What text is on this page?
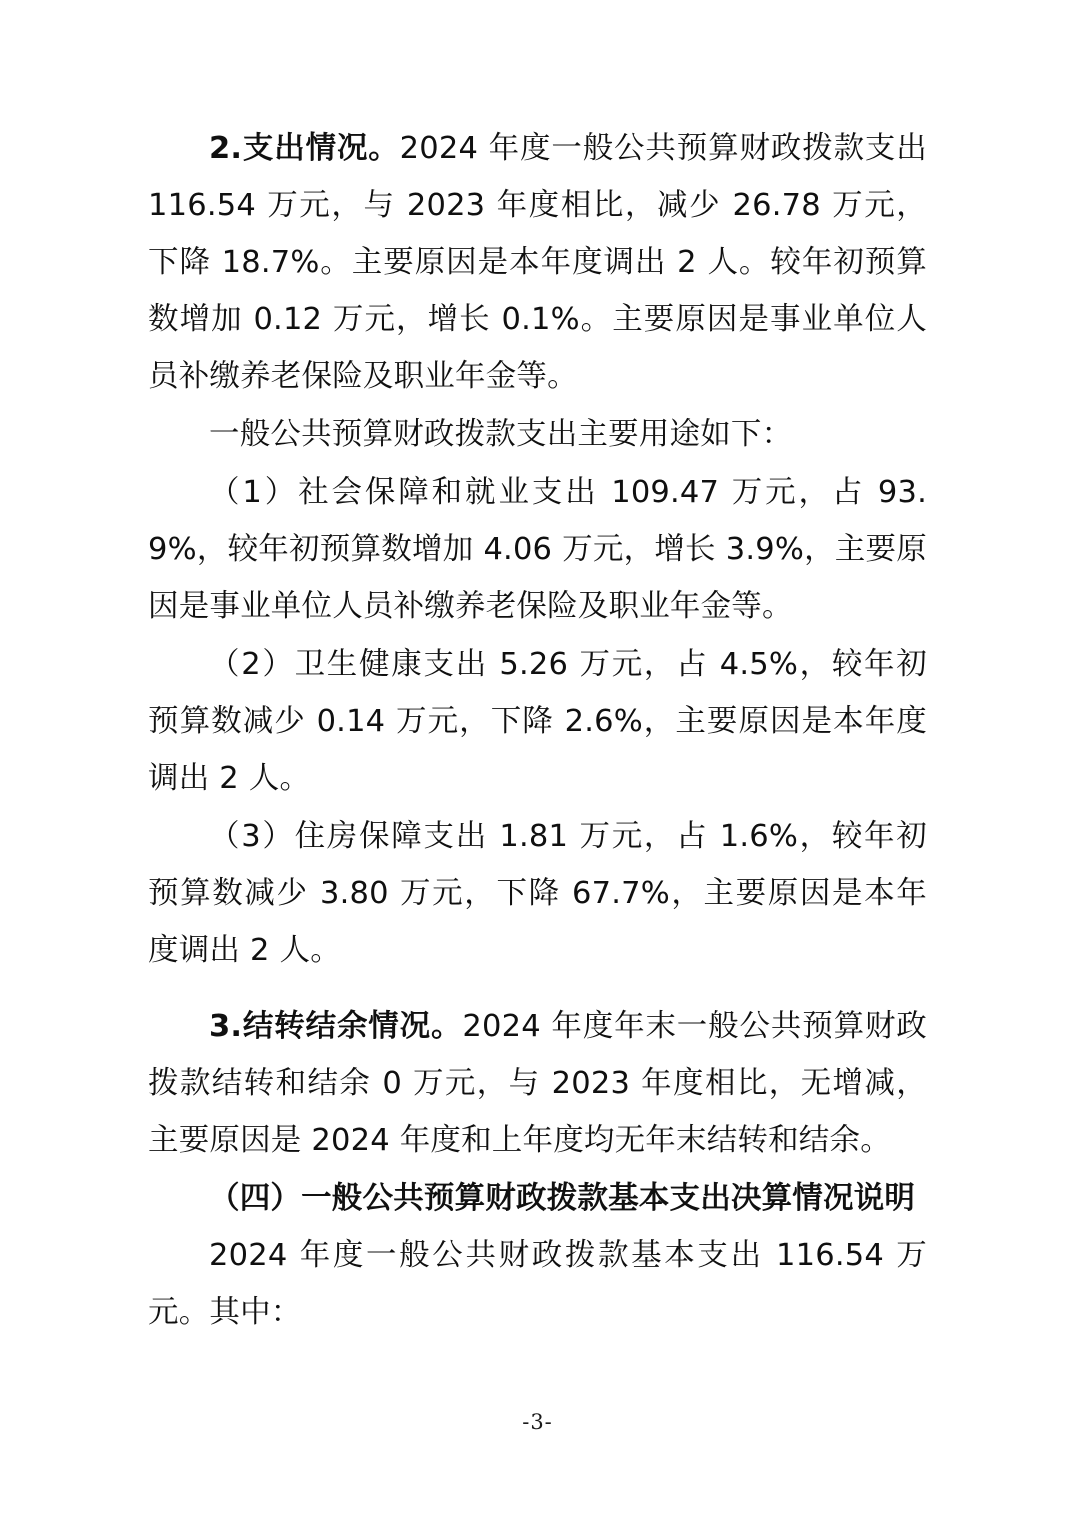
2.支出情况。2024 年度一般公共预算财政拨款支出 116.54 万元，与 2023 年度相比，减少 26.78 万元，下降 18.7%。主要原因是本年度调出 2 人。较年初预算数增加 0.12 万元，增长 0.1%。主要原因是事业单位人员补缴养老保险及职业年金等。

一般公共预算财政拨款支出主要用途如下：

（1）社会保障和就业支出 109.47 万元，占 93.9%，较年初预算数增加 4.06 万元，增长 3.9%，主要原因是事业单位人员补缴养老保险及职业年金等。

（2）卫生健康支出 5.26 万元，占 4.5%，较年初预算数减少 0.14 万元，下降 2.6%，主要原因是本年度调出 2 人。

（3）住房保障支出 1.81 万元，占 1.6%，较年初预算数减少 3.80 万元，下降 67.7%，主要原因是本年度调出 2 人。

3.结转结余情况。2024 年度年末一般公共预算财政拨款结转和结余 0 万元，与 2023 年度相比，无增减，主要原因是 2024 年度和上年度均无年末结转和结余。

（四）一般公共预算财政拨款基本支出决算情况说明

2024 年度一般公共财政拨款基本支出 116.54 万元。其中：

-3-
